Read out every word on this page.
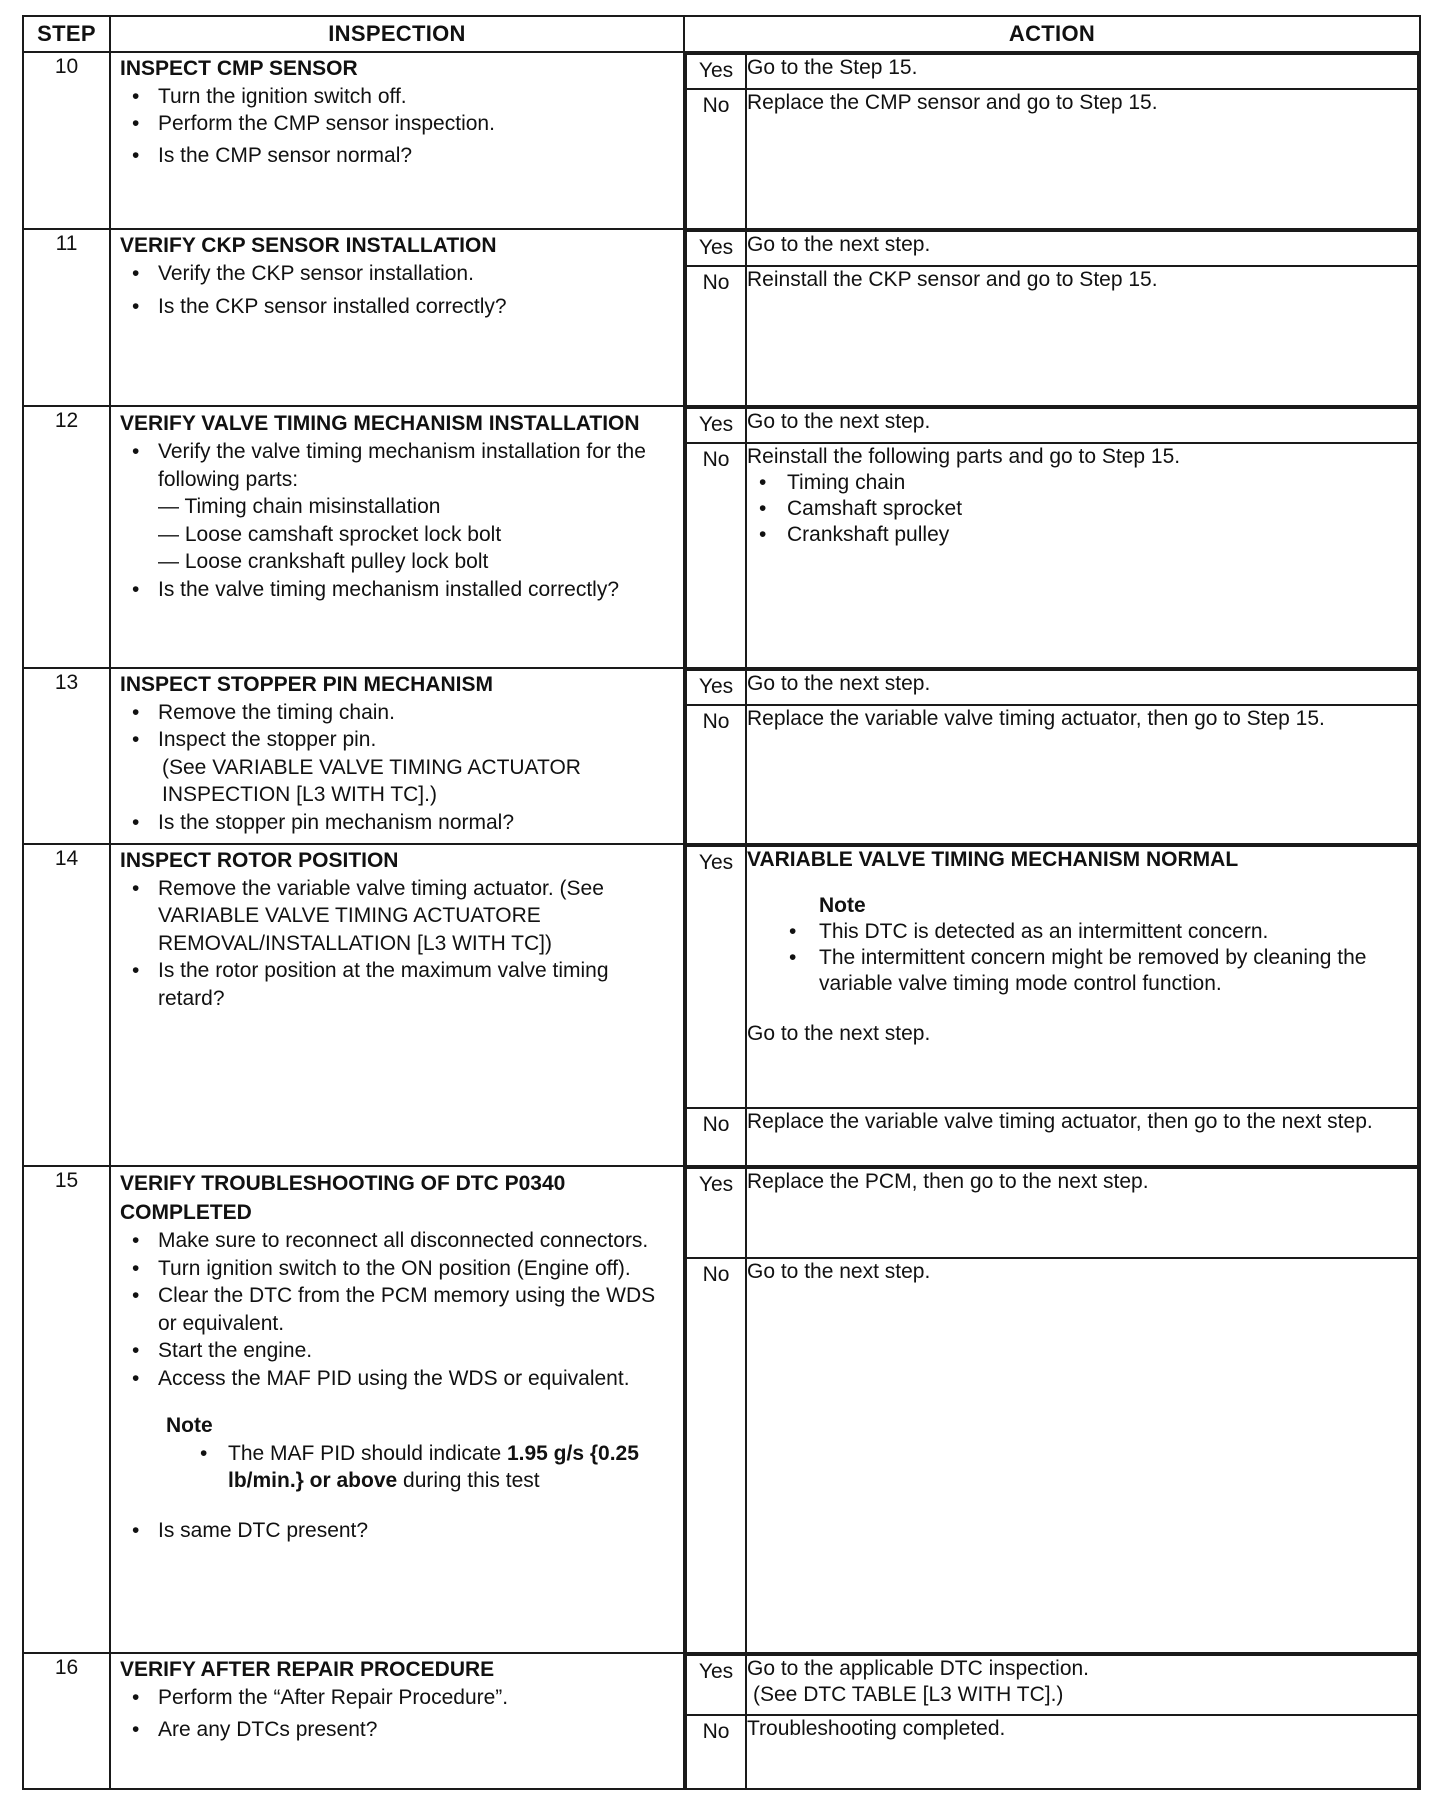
STEP	INSPECTION	ACTION
10	INSPECT CMP SENSOR
• Turn the ignition switch off.
• Perform the CMP sensor inspection.
• Is the CMP sensor normal?

Yes	Go to the Step 15.
No	Replace the CMP sensor and go to Step 15.

11	VERIFY CKP SENSOR INSTALLATION
• Verify the CKP sensor installation.
• Is the CKP sensor installed correctly?

Yes	Go to the next step.
No	Reinstall the CKP sensor and go to Step 15.

12	VERIFY VALVE TIMING MECHANISM INSTALLATION
• Verify the valve timing mechanism installation for the following parts:
— Timing chain misinstallation
— Loose camshaft sprocket lock bolt
— Loose crankshaft pulley lock bolt
• Is the valve timing mechanism installed correctly?

Yes	Go to the next step.
No	Reinstall the following parts and go to Step 15.
• Timing chain
• Camshaft sprocket
• Crankshaft pulley

13	INSPECT STOPPER PIN MECHANISM
• Remove the timing chain.
• Inspect the stopper pin.
(See VARIABLE VALVE TIMING ACTUATOR INSPECTION [L3 WITH TC].)
• Is the stopper pin mechanism normal?

Yes	Go to the next step.
No	Replace the variable valve timing actuator, then go to Step 15.

14	INSPECT ROTOR POSITION
• Remove the variable valve timing actuator. (See VARIABLE VALVE TIMING ACTUATORE REMOVAL/INSTALLATION [L3 WITH TC])
• Is the rotor position at the maximum valve timing retard?

Yes	VARIABLE VALVE TIMING MECHANISM NORMAL
Note
• This DTC is detected as an intermittent concern.
• The intermittent concern might be removed by cleaning the variable valve timing mode control function.
Go to the next step.

No	Replace the variable valve timing actuator, then go to the next step.

15	VERIFY TROUBLESHOOTING OF DTC P0340 COMPLETED
• Make sure to reconnect all disconnected connectors.
• Turn ignition switch to the ON position (Engine off).
• Clear the DTC from the PCM memory using the WDS or equivalent.
• Start the engine.
• Access the MAF PID using the WDS or equivalent.
Note
• The MAF PID should indicate 1.95 g/s {0.25 lb/min.} or above during this test
• Is same DTC present?

Yes	Replace the PCM, then go to the next step.
No	Go to the next step.

16	VERIFY AFTER REPAIR PROCEDURE
• Perform the “After Repair Procedure”.
• Are any DTCs present?

Yes	Go to the applicable DTC inspection.
(See DTC TABLE [L3 WITH TC].)

No	Troubleshooting completed.
